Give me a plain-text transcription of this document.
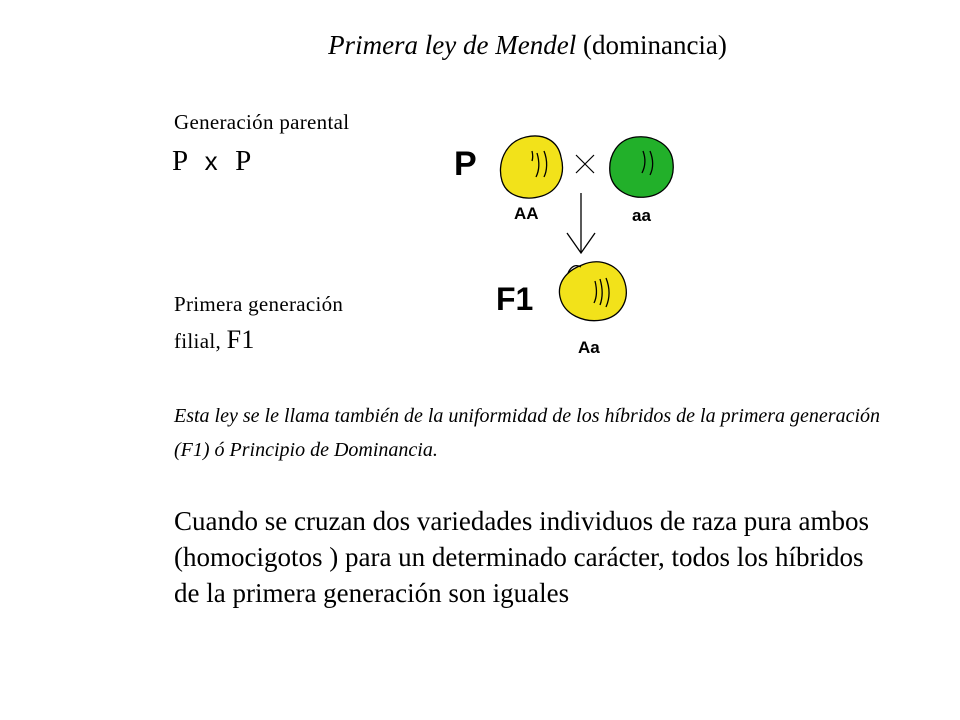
Primera ley de Mendel (dominancia)
Generación parental
P x P
Primera generación
filial, F1
P
AA	aa
F1
Aa
Esta ley se le llama también de la uniformidad de los híbridos de la primera generación (F1) ó Principio de Dominancia.
Cuando se cruzan dos variedades individuos de raza pura ambos (homocigotos ) para un determinado carácter, todos los híbridos de la primera generación son iguales
